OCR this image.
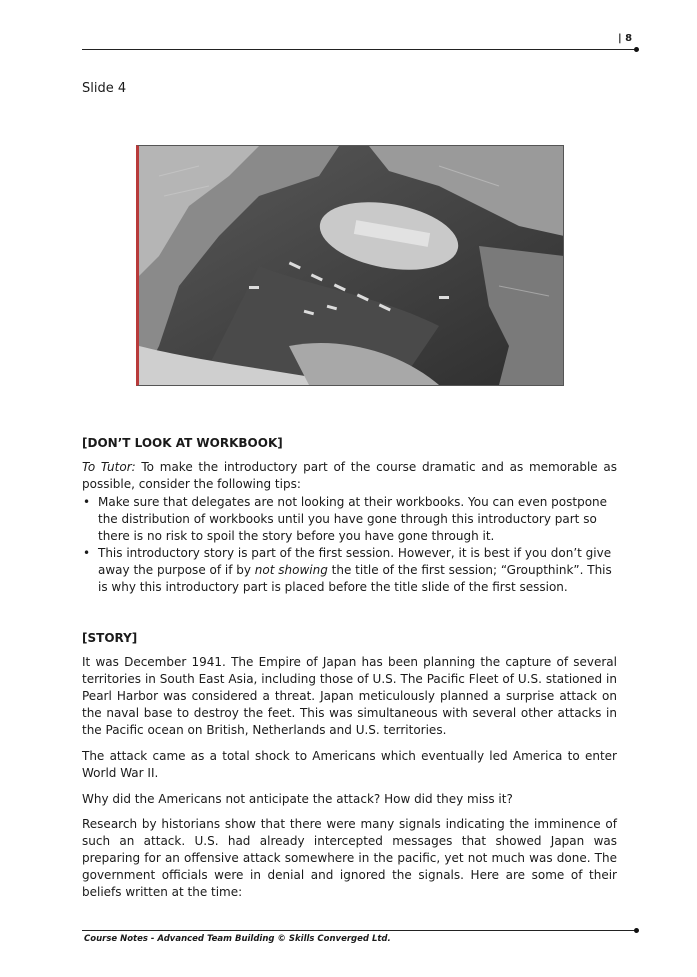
| 8
Slide 4
[DON’T LOOK AT WORKBOOK]
To Tutor: To make the introductory part of the course dramatic and as memorable as possible, consider the following tips:
• Make sure that delegates are not looking at their workbooks. You can even postpone the distribution of workbooks until you have gone through this introductory part so there is no risk to spoil the story before you have gone through it.
• This introductory story is part of the first session. However, it is best if you don’t give away the purpose of if by not showing the title of the first session; “Groupthink”. This is why this introductory part is placed before the title slide of the first session.
[STORY]
It was December 1941. The Empire of Japan has been planning the capture of several territories in South East Asia, including those of U.S. The Pacific Fleet of U.S. stationed in Pearl Harbor was considered a threat. Japan meticulously planned a surprise attack on the naval base to destroy the feet. This was simultaneous with several other attacks in the Pacific ocean on British, Netherlands and U.S. territories.
The attack came as a total shock to Americans which eventually led America to enter World War II.
Why did the Americans not anticipate the attack? How did they miss it?
Research by historians show that there were many signals indicating the imminence of such an attack. U.S. had already intercepted messages that showed Japan was preparing for an offensive attack somewhere in the pacific, yet not much was done. The government officials were in denial and ignored the signals. Here are some of their beliefs written at the time:
Course Notes - Advanced Team Building © Skills Converged Ltd.
